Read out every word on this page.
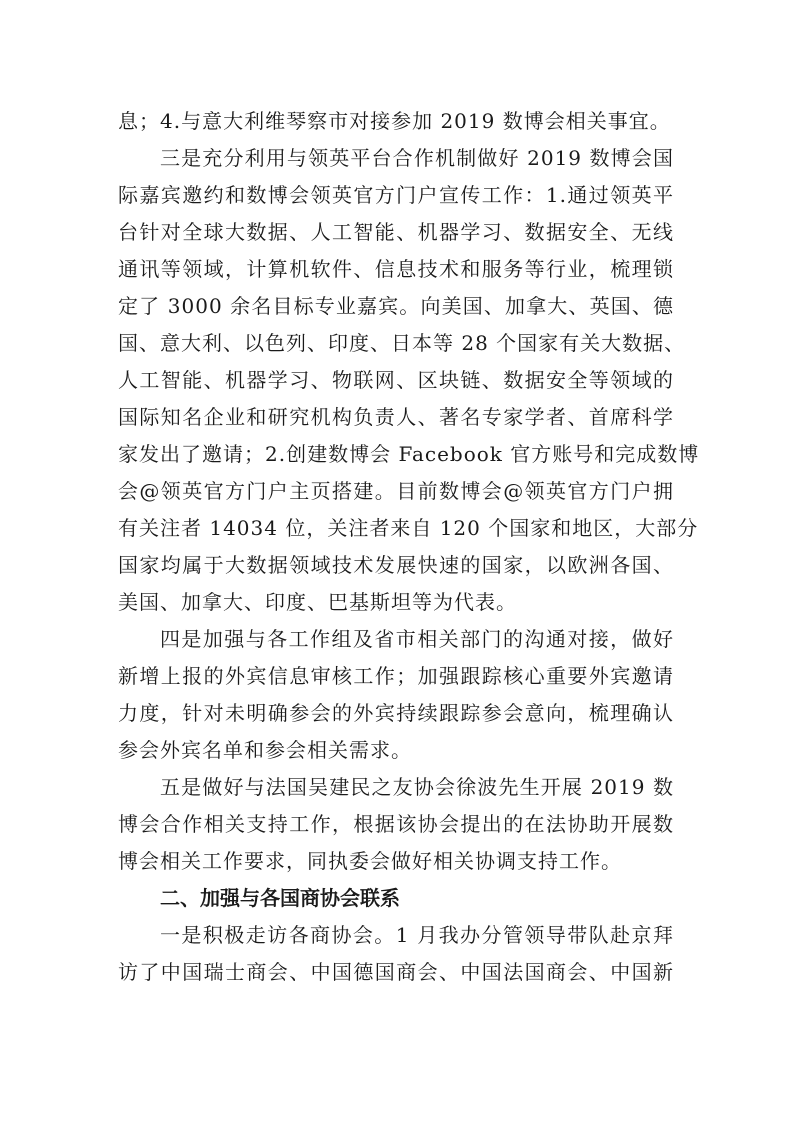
息；4.与意大利维琴察市对接参加 2019 数博会相关事宜。
三是充分利用与领英平台合作机制做好 2019 数博会国
际嘉宾邀约和数博会领英官方门户宣传工作：1.通过领英平
台针对全球大数据、人工智能、机器学习、数据安全、无线
通讯等领域，计算机软件、信息技术和服务等行业，梳理锁
定了 3000 余名目标专业嘉宾。向美国、加拿大、英国、德
国、意大利、以色列、印度、日本等 28 个国家有关大数据、
人工智能、机器学习、物联网、区块链、数据安全等领域的
国际知名企业和研究机构负责人、著名专家学者、首席科学
家发出了邀请；2.创建数博会 Facebook 官方账号和完成数博
会@领英官方门户主页搭建。目前数博会@领英官方门户拥
有关注者 14034 位，关注者来自 120 个国家和地区，大部分
国家均属于大数据领域技术发展快速的国家，以欧洲各国、
美国、加拿大、印度、巴基斯坦等为代表。
四是加强与各工作组及省市相关部门的沟通对接，做好
新增上报的外宾信息审核工作；加强跟踪核心重要外宾邀请
力度，针对未明确参会的外宾持续跟踪参会意向，梳理确认
参会外宾名单和参会相关需求。
五是做好与法国吴建民之友协会徐波先生开展 2019 数
博会合作相关支持工作，根据该协会提出的在法协助开展数
博会相关工作要求，同执委会做好相关协调支持工作。
二、加强与各国商协会联系
一是积极走访各商协会。1 月我办分管领导带队赴京拜
访了中国瑞士商会、中国德国商会、中国法国商会、中国新
